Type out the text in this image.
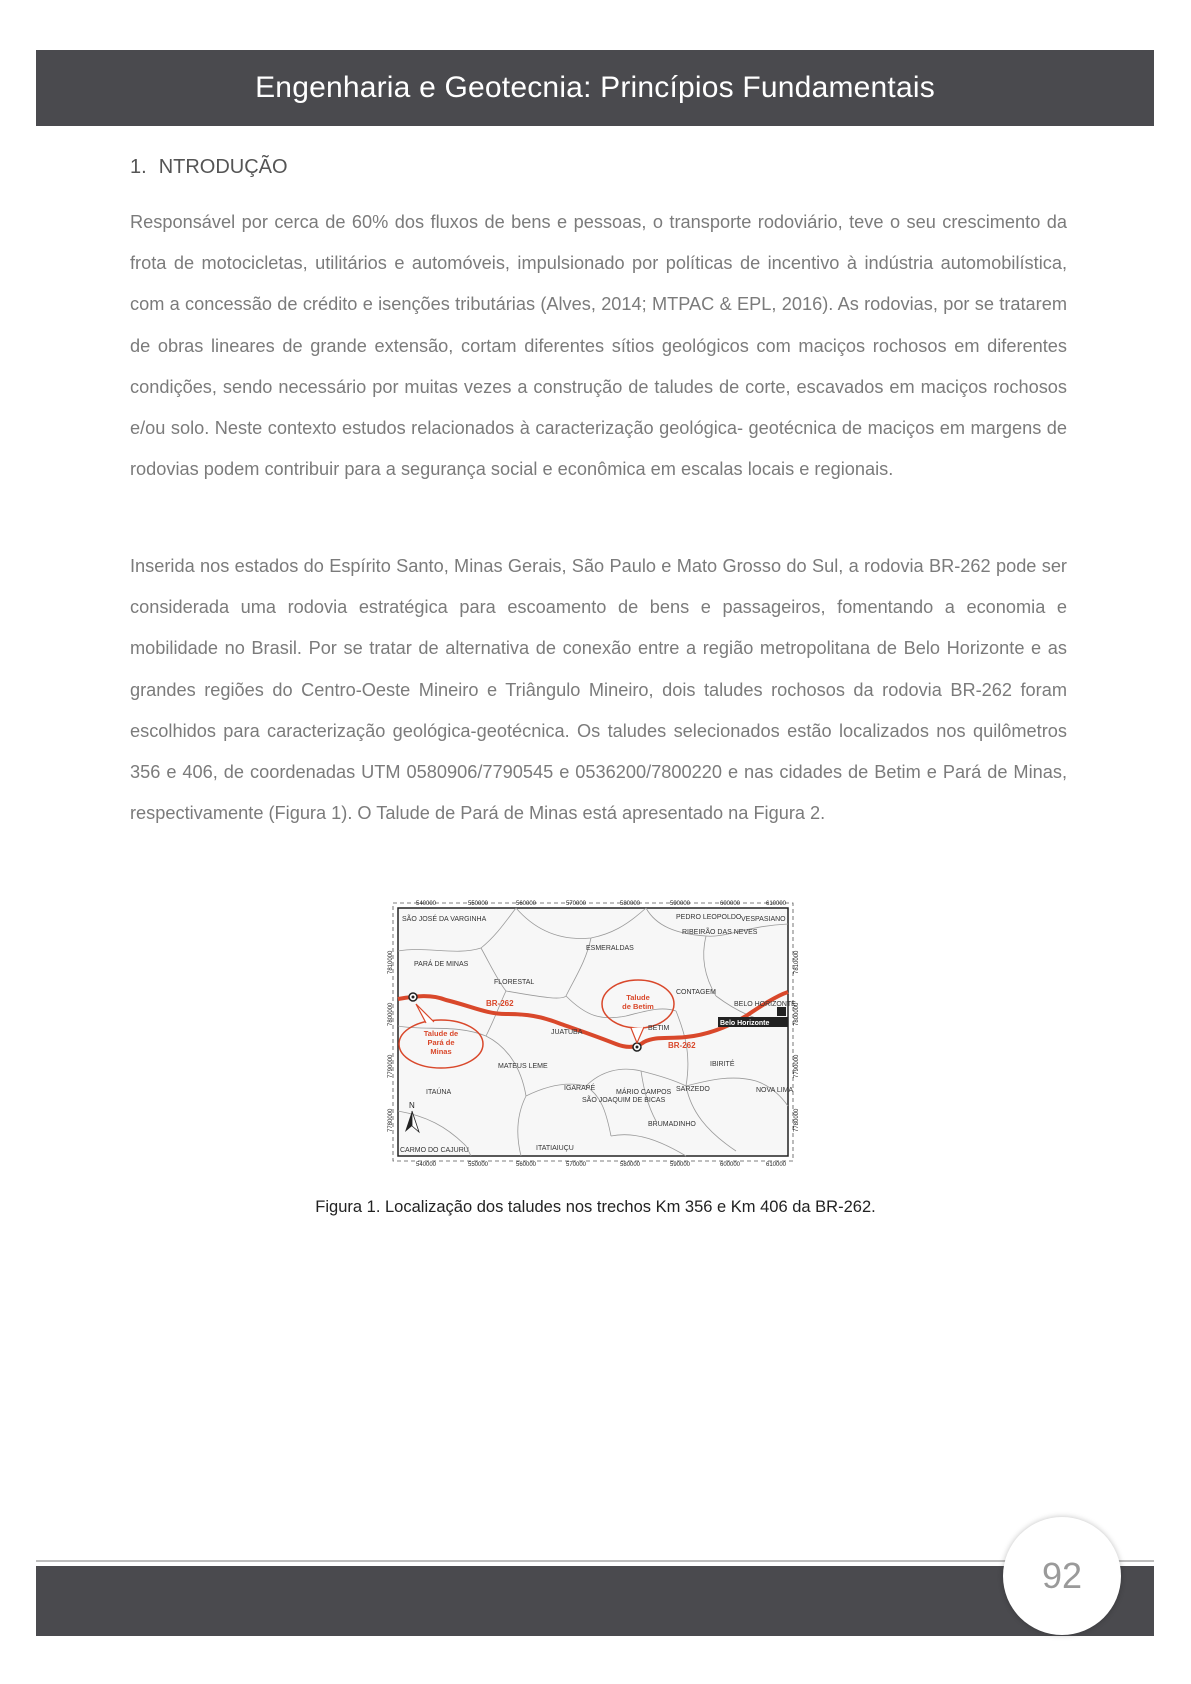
Engenharia e Geotecnia: Princípios Fundamentais
1. NTRODUÇÃO

Responsável por cerca de 60% dos fluxos de bens e pessoas, o transporte rodoviário, teve o seu crescimento da frota de motocicletas, utilitários e automóveis, impulsionado por políticas de incentivo à indústria automobilística, com a concessão de crédito e isenções tributárias (Alves, 2014; MTPAC & EPL, 2016). As rodovias, por se tratarem de obras lineares de grande extensão, cortam diferentes sítios geológicos com maciços rochosos em diferentes condições, sendo necessário por muitas vezes a construção de taludes de corte, escavados em maciços rochosos e/ou solo. Neste contexto estudos relacionados à caracterização geológica- geotécnica de maciços em margens de rodovias podem contribuir para a segurança social e econômica em escalas locais e regionais.

Inserida nos estados do Espírito Santo, Minas Gerais, São Paulo e Mato Grosso do Sul, a rodovia BR-262 pode ser considerada uma rodovia estratégica para escoamento de bens e passageiros, fomentando a economia e mobilidade no Brasil. Por se tratar de alternativa de conexão entre a região metropolitana de Belo Horizonte e as grandes regiões do Centro-Oeste Mineiro e Triângulo Mineiro, dois taludes rochosos da rodovia BR-262 foram escolhidos para caracterização geológica-geotécnica. Os taludes selecionados estão localizados nos quilômetros 356 e 406, de coordenadas UTM 0580906/7790545 e 0536200/7800220 e nas cidades de Betim e Pará de Minas, respectivamente (Figura 1). O Talude de Pará de Minas está apresentado na Figura 2.

540000	550000	560000	570000	580000	590000	600000	610000
540000	550000	560000	570000	580000	590000	600000	610000
7810000
7800000
7790000
7780000
7810000
7800000
7790000
7780000
SÃO JOSÉ DA VARGINHA	PEDRO LEOPOLDO VESPASIANO
RIBEIRÃO DAS NEVES
ESMERALDAS
PARÁ DE MINAS
FLORESTAL
CONTAGEM
BELO HORIZONTE
JUATUBA
BETIM
MATEUS LEME
IGARAPÉ
MÁRIO CAMPOS SARZEDO
SÃO JOAQUIM DE BICAS
IBIRITÉ
NOVA LIMA
ITAÚNA
BRUMADINHO
ITATIAIUÇU
CARMO DO CAJURU
BR-262
BR-262
Talude
de Betim
Talude de
Pará de
Minas
Belo Horizonte
N
Figura 1. Localização dos taludes nos trechos Km 356 e Km 406 da BR-262.
92
